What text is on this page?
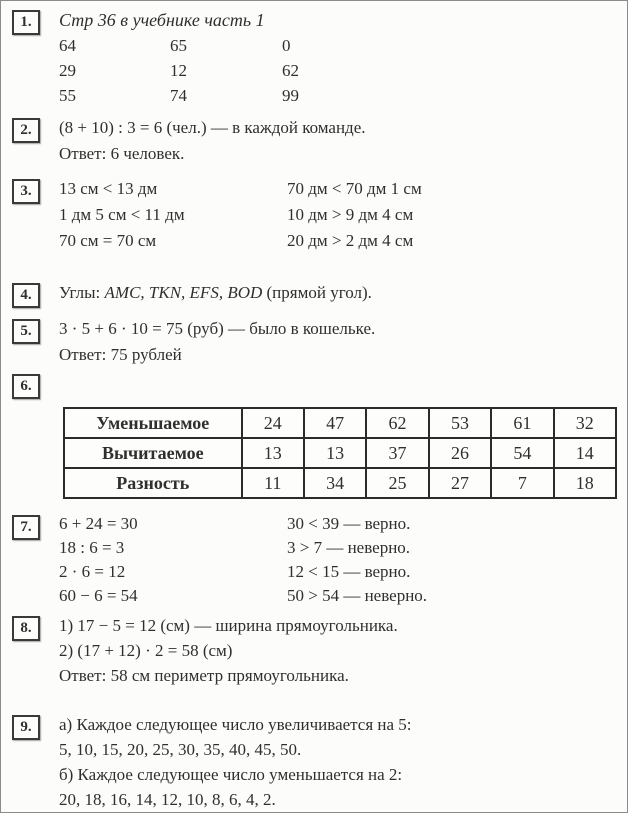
1.	Стр 36 в учебнике часть 1
64	65	0
29	12	62
55	74	99
2.	(8 + 10) : 3 = 6 (чел.) — в каждой команде.
Ответ: 6 человек.
3.	13 см < 13 дм	70 дм < 70 дм 1 см
1 дм 5 см < 11 дм	10 дм > 9 дм 4 см
70 см = 70 см	20 дм > 2 дм 4 см
4.	Углы: AMC, TKN, EFS, BOD (прямой угол).
5.	3 · 5 + 6 · 10 = 75 (руб) — было в кошельке.
Ответ: 75 рублей
6.
Уменьшаемое	24	47	62	53	61	32
Вычитаемое	13	13	37	26	54	14
Разность	11	34	25	27	7	18
7.	6 + 24 = 30	30 < 39 — верно.
18 : 6 = 3	3 > 7 — неверно.
2 · 6 = 12	12 < 15 — верно.
60 − 6 = 54	50 > 54 — неверно.
8.	1) 17 − 5 = 12 (см) — ширина прямоугольника.
2) (17 + 12) · 2 = 58 (см)
Ответ: 58 см периметр прямоугольника.
9.	а) Каждое следующее число увеличивается на 5:
5, 10, 15, 20, 25, 30, 35, 40, 45, 50.
б) Каждое следующее число уменьшается на 2:
20, 18, 16, 14, 12, 10, 8, 6, 4, 2.
